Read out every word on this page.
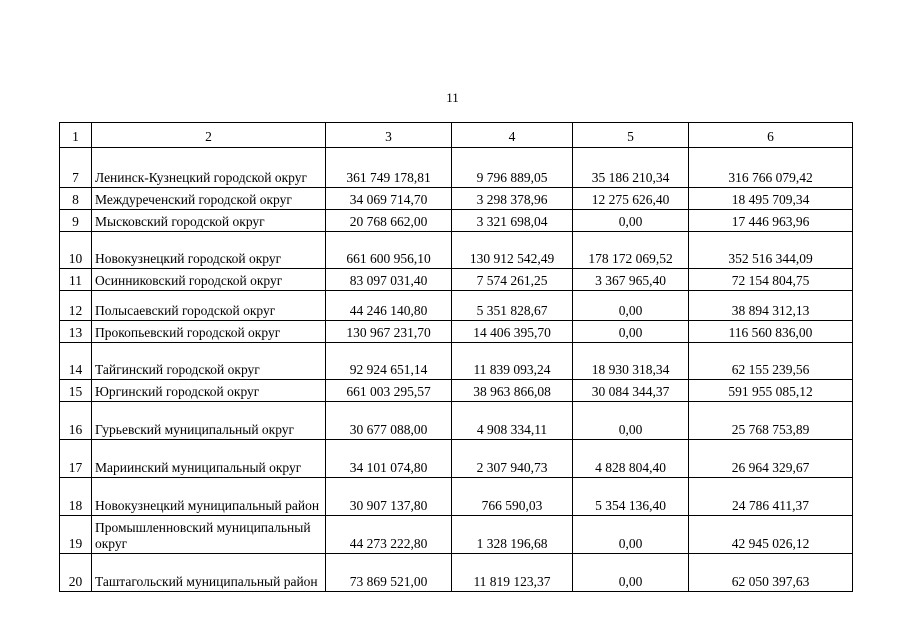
11
1	2	3	4	5	6
7	Ленинск-Кузнецкий городской округ	361 749 178,81	9 796 889,05	35 186 210,34	316 766 079,42
8	Междуреченский городской округ	34 069 714,70	3 298 378,96	12 275 626,40	18 495 709,34
9	Мысковский городской округ	20 768 662,00	3 321 698,04	0,00	17 446 963,96
10	Новокузнецкий городской округ	661 600 956,10	130 912 542,49	178 172 069,52	352 516 344,09
11	Осинниковский городской округ	83 097 031,40	7 574 261,25	3 367 965,40	72 154 804,75
12	Полысаевский городской округ	44 246 140,80	5 351 828,67	0,00	38 894 312,13
13	Прокопьевский городской округ	130 967 231,70	14 406 395,70	0,00	116 560 836,00
14	Тайгинский городской округ	92 924 651,14	11 839 093,24	18 930 318,34	62 155 239,56
15	Юргинский городской округ	661 003 295,57	38 963 866,08	30 084 344,37	591 955 085,12
16	Гурьевский муниципальный округ	30 677 088,00	4 908 334,11	0,00	25 768 753,89
17	Мариинский муниципальный округ	34 101 074,80	2 307 940,73	4 828 804,40	26 964 329,67
18	Новокузнецкий муниципальный район	30 907 137,80	766 590,03	5 354 136,40	24 786 411,37
19	Промышленновский муниципальный округ	44 273 222,80	1 328 196,68	0,00	42 945 026,12
20	Таштагольский муниципальный район	73 869 521,00	11 819 123,37	0,00	62 050 397,63
